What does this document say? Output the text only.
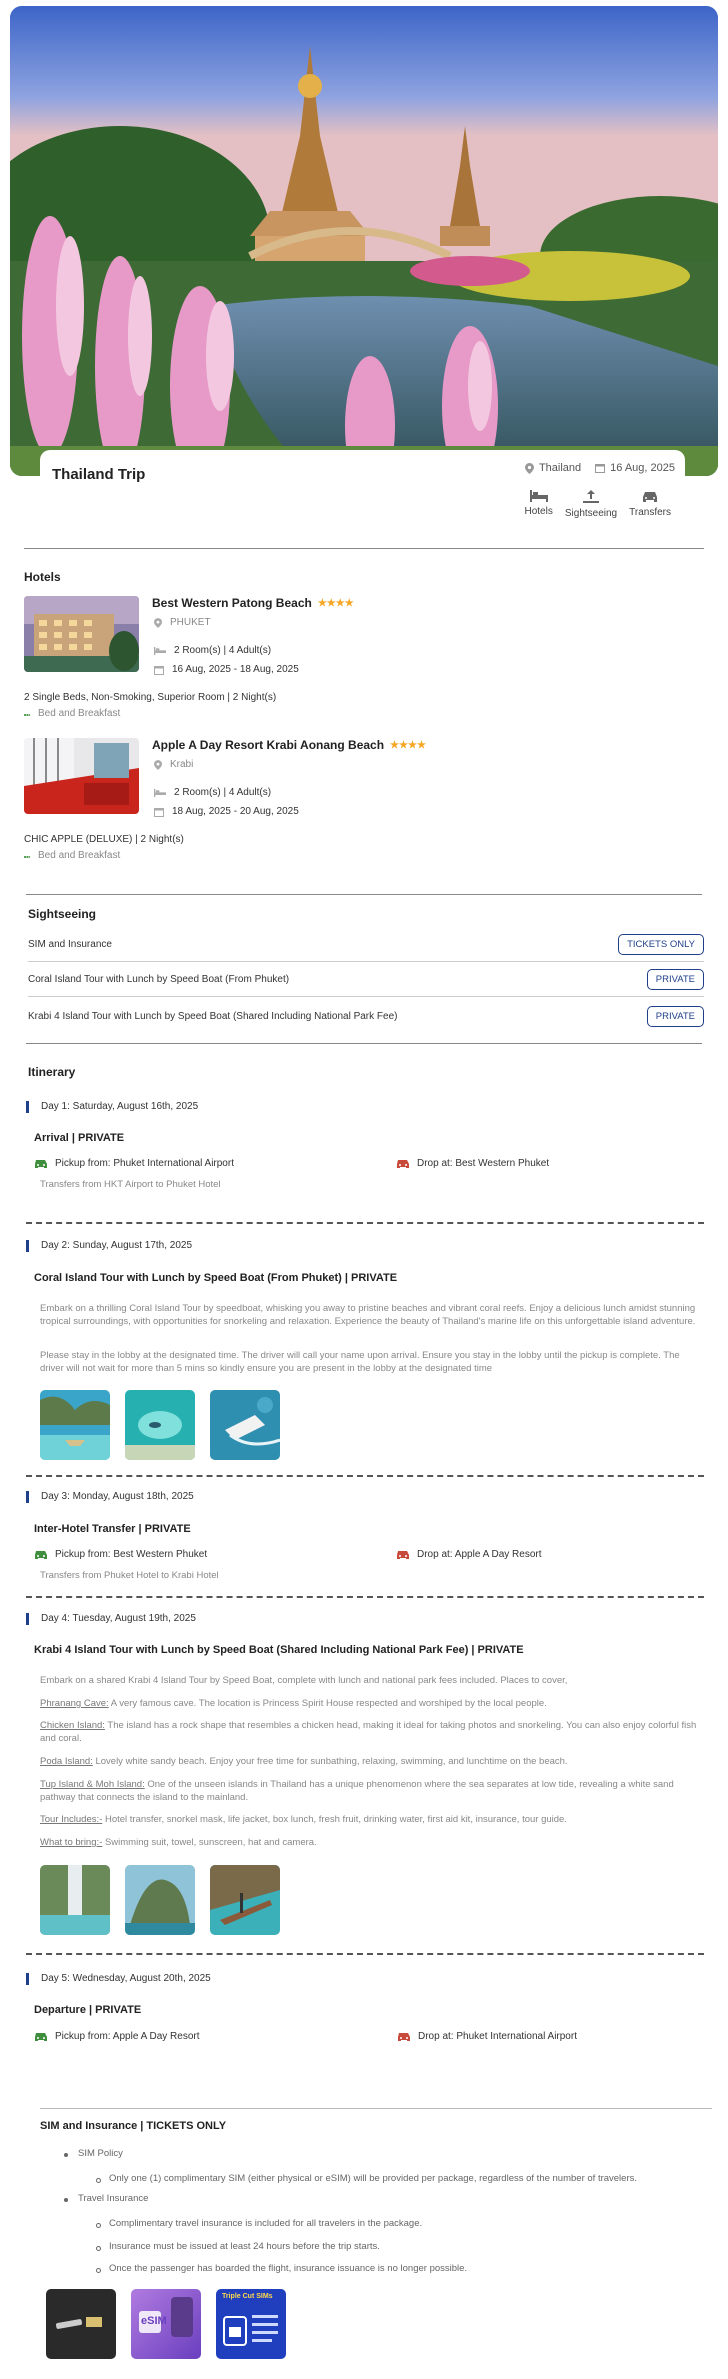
Thailand Trip	Thailand	16 Aug, 2025
Hotels Sightseeing Transfers
Hotels
Best Western Patong Beach ★★★★
PHUKET
2 Room(s) | 4 Adult(s)
16 Aug, 2025 - 18 Aug, 2025
2 Single Beds, Non-Smoking, Superior Room | 2 Night(s)
⑉ Bed and Breakfast
Apple A Day Resort Krabi Aonang Beach ★★★★
Krabi
2 Room(s) | 4 Adult(s)
18 Aug, 2025 - 20 Aug, 2025
CHIC APPLE (DELUXE) | 2 Night(s)
⑉ Bed and Breakfast
Sightseeing
SIM and Insurance	TICKETS ONLY
Coral Island Tour with Lunch by Speed Boat (From Phuket)	PRIVATE
Krabi 4 Island Tour with Lunch by Speed Boat (Shared Including National Park Fee)	PRIVATE
Itinerary
Day 1: Saturday, August 16th, 2025
Arrival | PRIVATE
Pickup from: Phuket International Airport	Drop at: Best Western Phuket
Transfers from HKT Airport to Phuket Hotel
Day 2: Sunday, August 17th, 2025
Coral Island Tour with Lunch by Speed Boat (From Phuket) | PRIVATE
Embark on a thrilling Coral Island Tour by speedboat, whisking you away to pristine beaches and vibrant coral reefs. Enjoy a delicious lunch amidst stunning tropical surroundings, with opportunities for snorkeling and relaxation. Experience the beauty of Thailand's marine life on this unforgettable island adventure.
Please stay in the lobby at the designated time. The driver will call your name upon arrival. Ensure you stay in the lobby until the pickup is complete. The driver will not wait for more than 5 mins so kindly ensure you are present in the lobby at the designated time
Day 3: Monday, August 18th, 2025
Inter-Hotel Transfer | PRIVATE
Pickup from: Best Western Phuket	Drop at: Apple A Day Resort
Transfers from Phuket Hotel to Krabi Hotel
Day 4: Tuesday, August 19th, 2025
Krabi 4 Island Tour with Lunch by Speed Boat (Shared Including National Park Fee) | PRIVATE
Embark on a shared Krabi 4 Island Tour by Speed Boat, complete with lunch and national park fees included. Places to cover,
Phranang Cave: A very famous cave. The location is Princess Spirit House respected and worshiped by the local people.
Chicken Island: The island has a rock shape that resembles a chicken head, making it ideal for taking photos and snorkeling. You can also enjoy colorful fish and coral.
Poda Island: Lovely white sandy beach. Enjoy your free time for sunbathing, relaxing, swimming, and lunchtime on the beach.
Tup Island & Moh Island: One of the unseen islands in Thailand has a unique phenomenon where the sea separates at low tide, revealing a white sand pathway that connects the island to the mainland.
Tour Includes:- Hotel transfer, snorkel mask, life jacket, box lunch, fresh fruit, drinking water, first aid kit, insurance, tour guide.
What to bring:- Swimming suit, towel, sunscreen, hat and camera.
Day 5: Wednesday, August 20th, 2025
Departure | PRIVATE
Pickup from: Apple A Day Resort	Drop at: Phuket International Airport
SIM and Insurance | TICKETS ONLY
SIM Policy
Only one (1) complimentary SIM (either physical or eSIM) will be provided per package, regardless of the number of travelers.
Travel Insurance
Complimentary travel insurance is included for all travelers in the package.
Insurance must be issued at least 24 hours before the trip starts.
Once the passenger has boarded the flight, insurance issuance is no longer possible.
eSIM
Triple Cut SIMs
